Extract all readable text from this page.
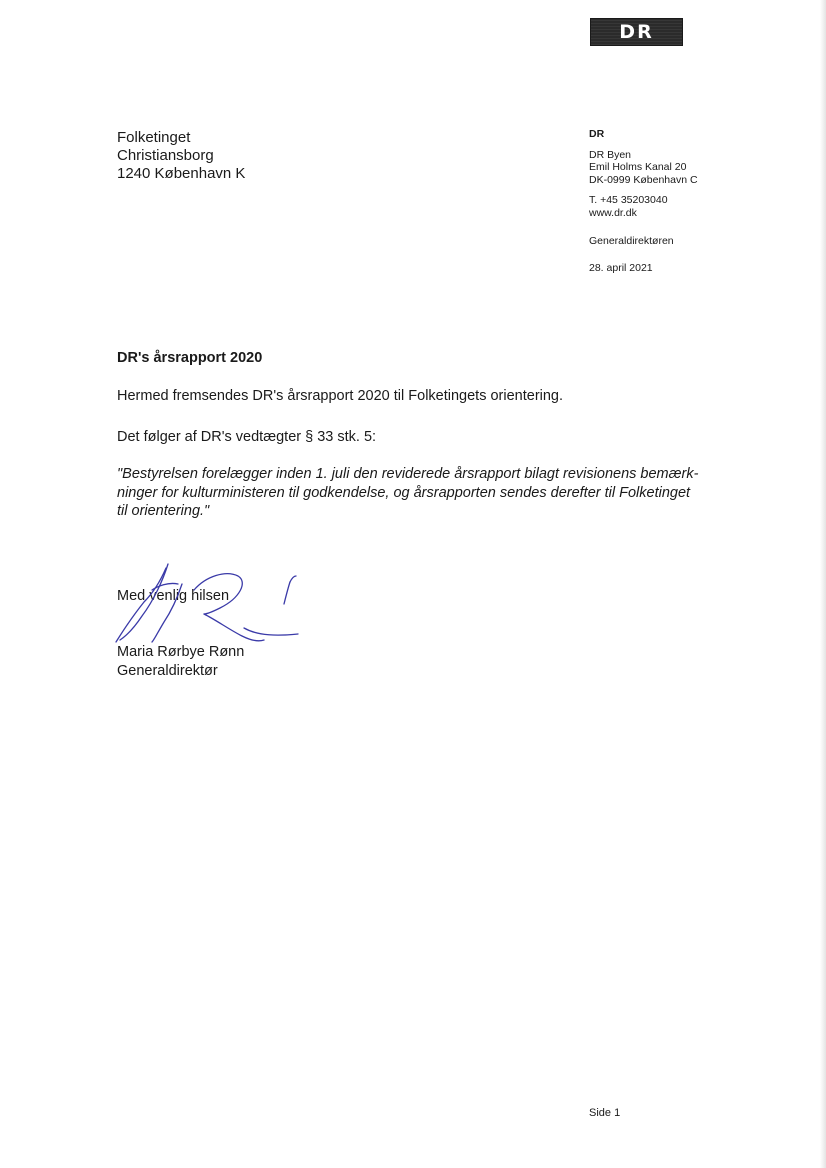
DR
Folketinget
Christiansborg
1240 København K
DR
DR Byen
Emil Holms Kanal 20
DK-0999 København C
T. +45 35203040
www.dr.dk
Generaldirektøren
28. april 2021
DR's årsrapport 2020
Hermed fremsendes DR's årsrapport 2020 til Folketingets orientering.
Det følger af DR's vedtægter § 33 stk. 5:
"Bestyrelsen forelægger inden 1. juli den reviderede årsrapport bilagt revisionens bemærk-
ninger for kulturministeren til godkendelse, og årsrapporten sendes derefter til Folketinget
til orientering."
Med venlig hilsen
Maria Rørbye Rønn
Generaldirektør
Side 1
